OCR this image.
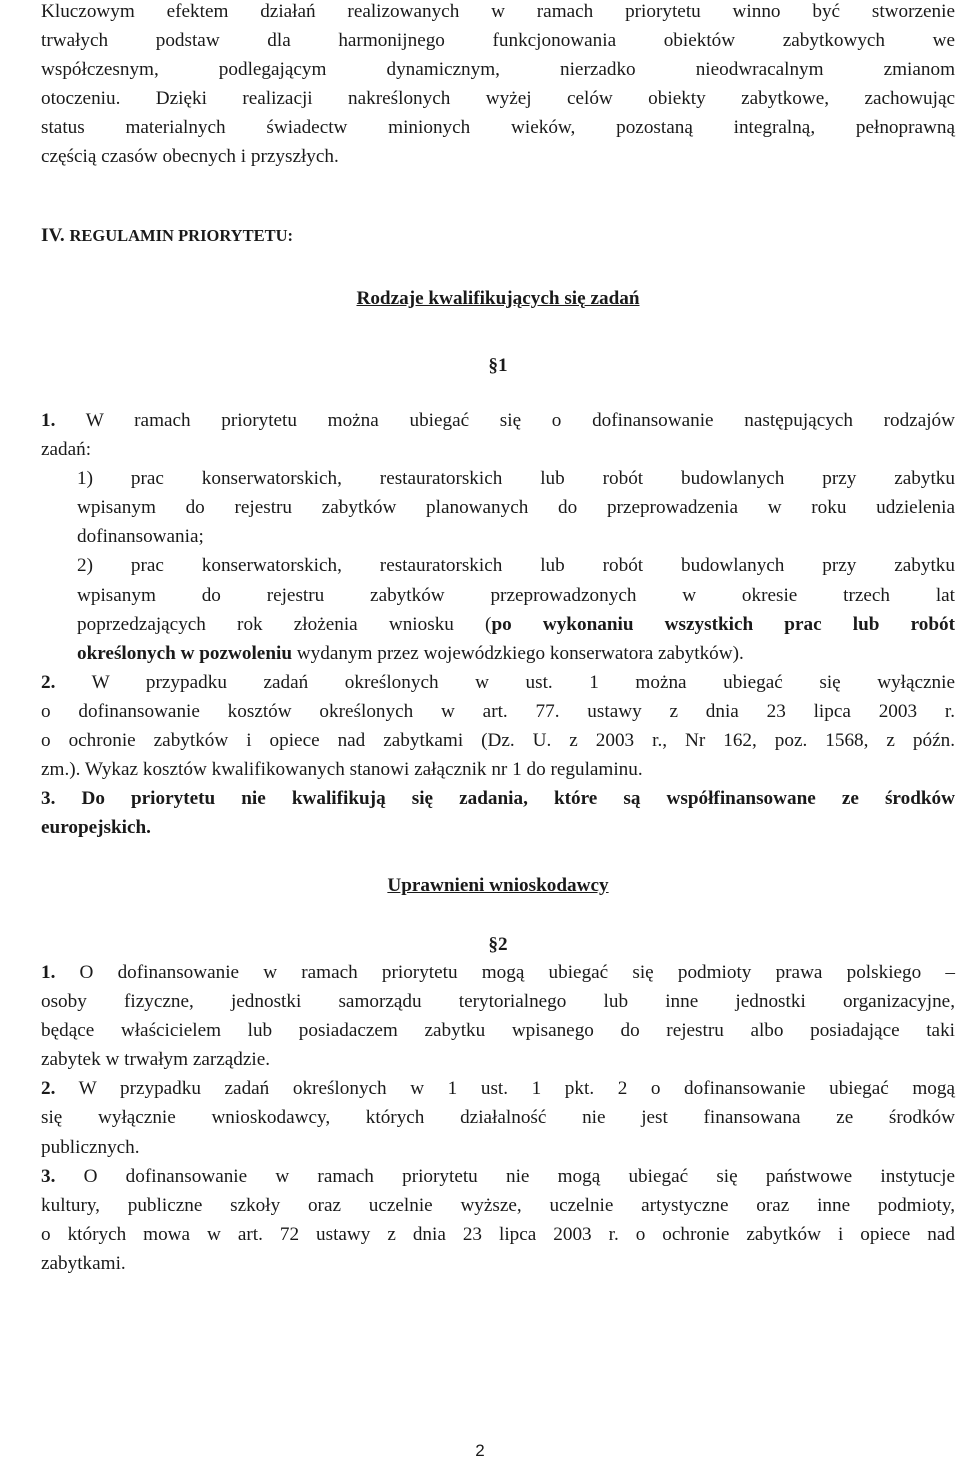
Kluczowym efektem działań realizowanych w ramach priorytetu winno być stworzenie

trwałych podstaw dla harmonijnego funkcjonowania obiektów zabytkowych we

współczesnym, podlegającym dynamicznym, nierzadko nieodwracalnym zmianom

otoczeniu. Dzięki realizacji nakreślonych wyżej celów obiekty zabytkowe, zachowując

status materialnych świadectw minionych wieków, pozostaną integralną, pełnoprawną

częścią czasów obecnych i przyszłych.

IV. REGULAMIN PRIORYTETU:

Rodzaje kwalifikujących się zadań
§1

1. W ramach priorytetu można ubiegać się o dofinansowanie następujących rodzajów

zadań:

1) prac konserwatorskich, restauratorskich lub robót budowlanych przy zabytku

wpisanym do rejestru zabytków planowanych do przeprowadzenia w roku udzielenia

dofinansowania;

2) prac konserwatorskich, restauratorskich lub robót budowlanych przy zabytku

wpisanym do rejestru zabytków przeprowadzonych w okresie trzech lat

poprzedzających rok złożenia wniosku (po wykonaniu wszystkich prac lub robót

określonych w pozwoleniu wydanym przez wojewódzkiego konserwatora zabytków).

2. W przypadku zadań określonych w ust. 1 można ubiegać się wyłącznie

o dofinansowanie kosztów określonych w art. 77. ustawy z dnia 23 lipca 2003 r.

o ochronie zabytków i opiece nad zabytkami (Dz. U. z 2003 r., Nr 162, poz. 1568, z późn.

zm.). Wykaz kosztów kwalifikowanych stanowi załącznik nr 1 do regulaminu.

3. Do priorytetu nie kwalifikują się zadania, które są współfinansowane ze środków

europejskich.

Uprawnieni wnioskodawcy
§2

1. O dofinansowanie w ramach priorytetu mogą ubiegać się podmioty prawa polskiego –

osoby fizyczne, jednostki samorządu terytorialnego lub inne jednostki organizacyjne,

będące właścicielem lub posiadaczem zabytku wpisanego do rejestru albo posiadające taki

zabytek w trwałym zarządzie.

2. W przypadku zadań określonych w 1 ust. 1 pkt. 2 o dofinansowanie ubiegać mogą

się wyłącznie wnioskodawcy, których działalność nie jest finansowana ze środków

publicznych.

3. O dofinansowanie w ramach priorytetu nie mogą ubiegać się państwowe instytucje

kultury, publiczne szkoły oraz uczelnie wyższe, uczelnie artystyczne oraz inne podmioty,

o których mowa w art. 72 ustawy z dnia 23 lipca 2003 r. o ochronie zabytków i opiece nad

zabytkami.

2
